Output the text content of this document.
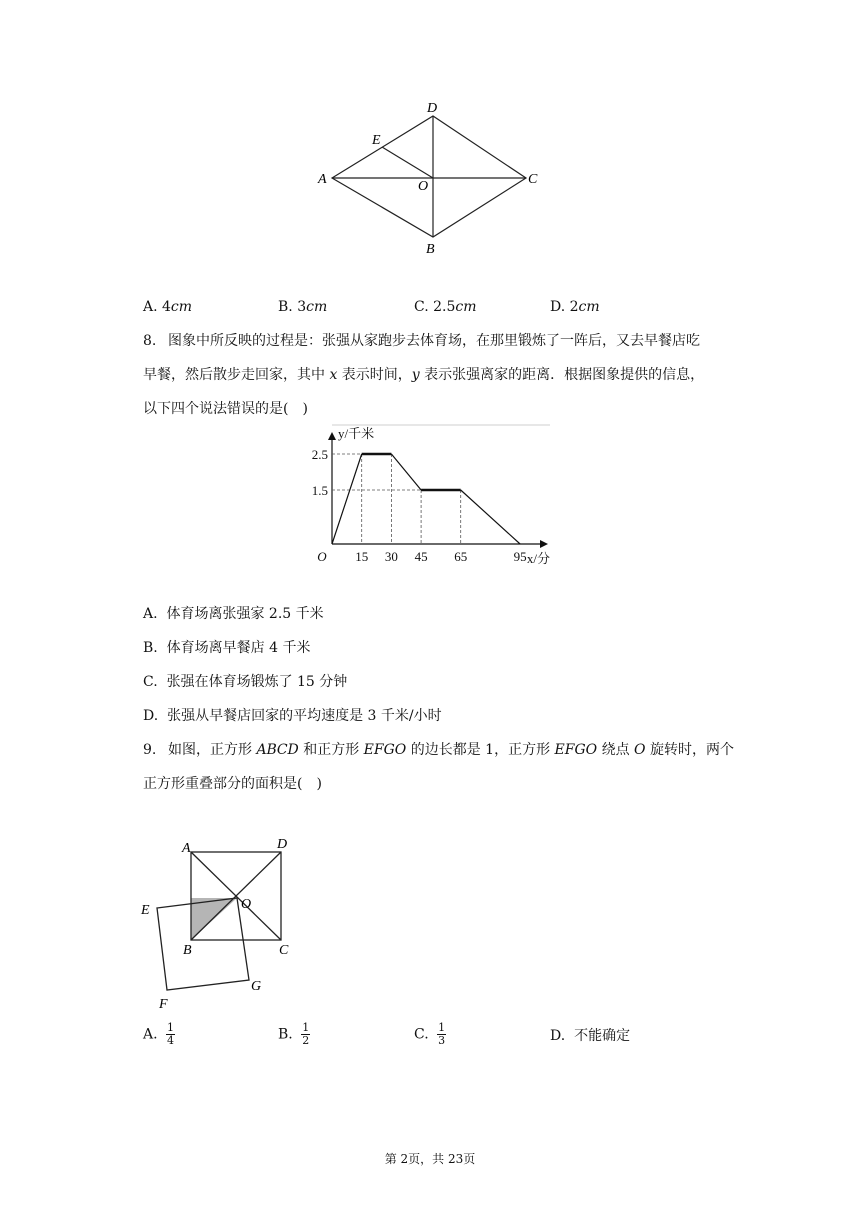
D
E
A	O	C
B
A. 4𝑐𝑚	B. 3𝑐𝑚	C. 2.5𝑐𝑚	D. 2𝑐𝑚
8. 图象中所反映的过程是：张强从家跑步去体育场，在那里锻炼了一阵后，又去早餐店吃
早餐，然后散步走回家，其中 𝑥 表示时间，𝑦 表示张强离家的距离．根据图象提供的信息，
以下四个说法错误的是(　)
15 30 45 65	95
2.5
1.5
O	x/分
y/千米
A. 体育场离张强家 2.5 千米
B. 体育场离早餐店 4 千米
C. 张强在体育场锻炼了 15 分钟
D. 张强从早餐店回家的平均速度是 3 千米/小时
9. 如图，正方形 𝐴𝐵𝐶𝐷 和正方形 𝐸𝐹𝐺𝑂 的边长都是 1，正方形 𝐸𝐹𝐺𝑂 绕点 𝑂 旋转时，两个
正方形重叠部分的面积是(　)
A	D
E	O
B	C
G
F
A. $\frac{1}{4}$	B. $\frac{1}{2}$	C. $\frac{1}{3}$	D. 不能确定
第 2页，共 23页
